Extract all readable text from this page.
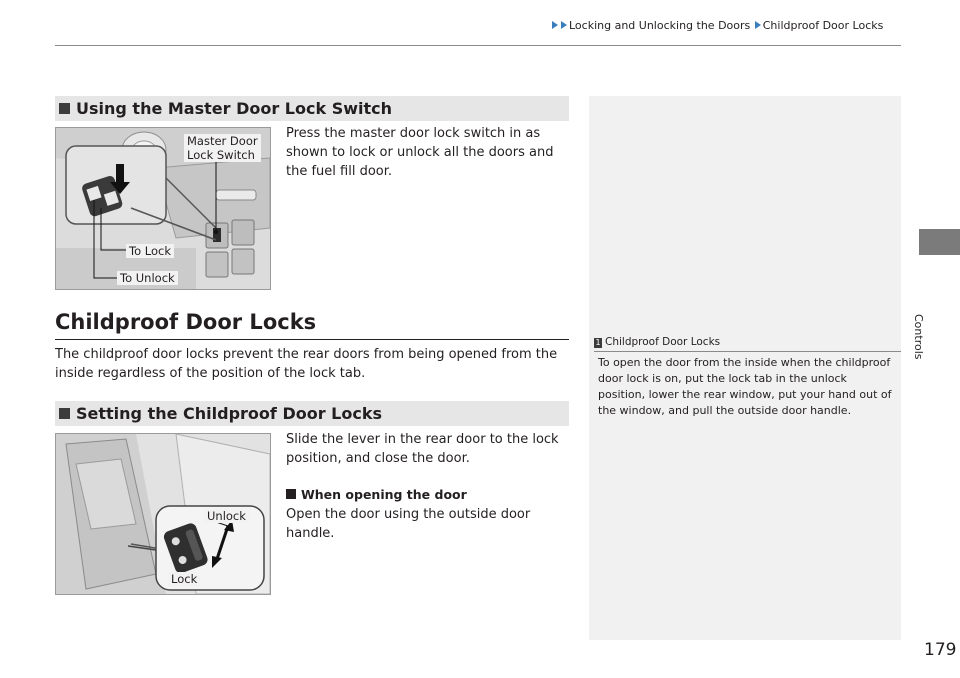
Locking and Unlocking the Doors Childproof Door Locks
Controls
1 Childproof Door Locks
To open the door from the inside when the childproof door lock is on, put the lock tab in the unlock position, lower the rear window, put your hand out of the window, and pull the outside door handle.
Using the Master Door Lock Switch
Master Door
Lock Switch
To Lock
To Unlock
Press the master door lock switch in as shown to lock or unlock all the doors and the fuel fill door.
Childproof Door Locks
The childproof door locks prevent the rear doors from being opened from the inside regardless of the position of the lock tab.
Setting the Childproof Door Locks
Unlock
Lock
Slide the lever in the rear door to the lock position, and close the door.
When opening the door
Open the door using the outside door handle.
179
